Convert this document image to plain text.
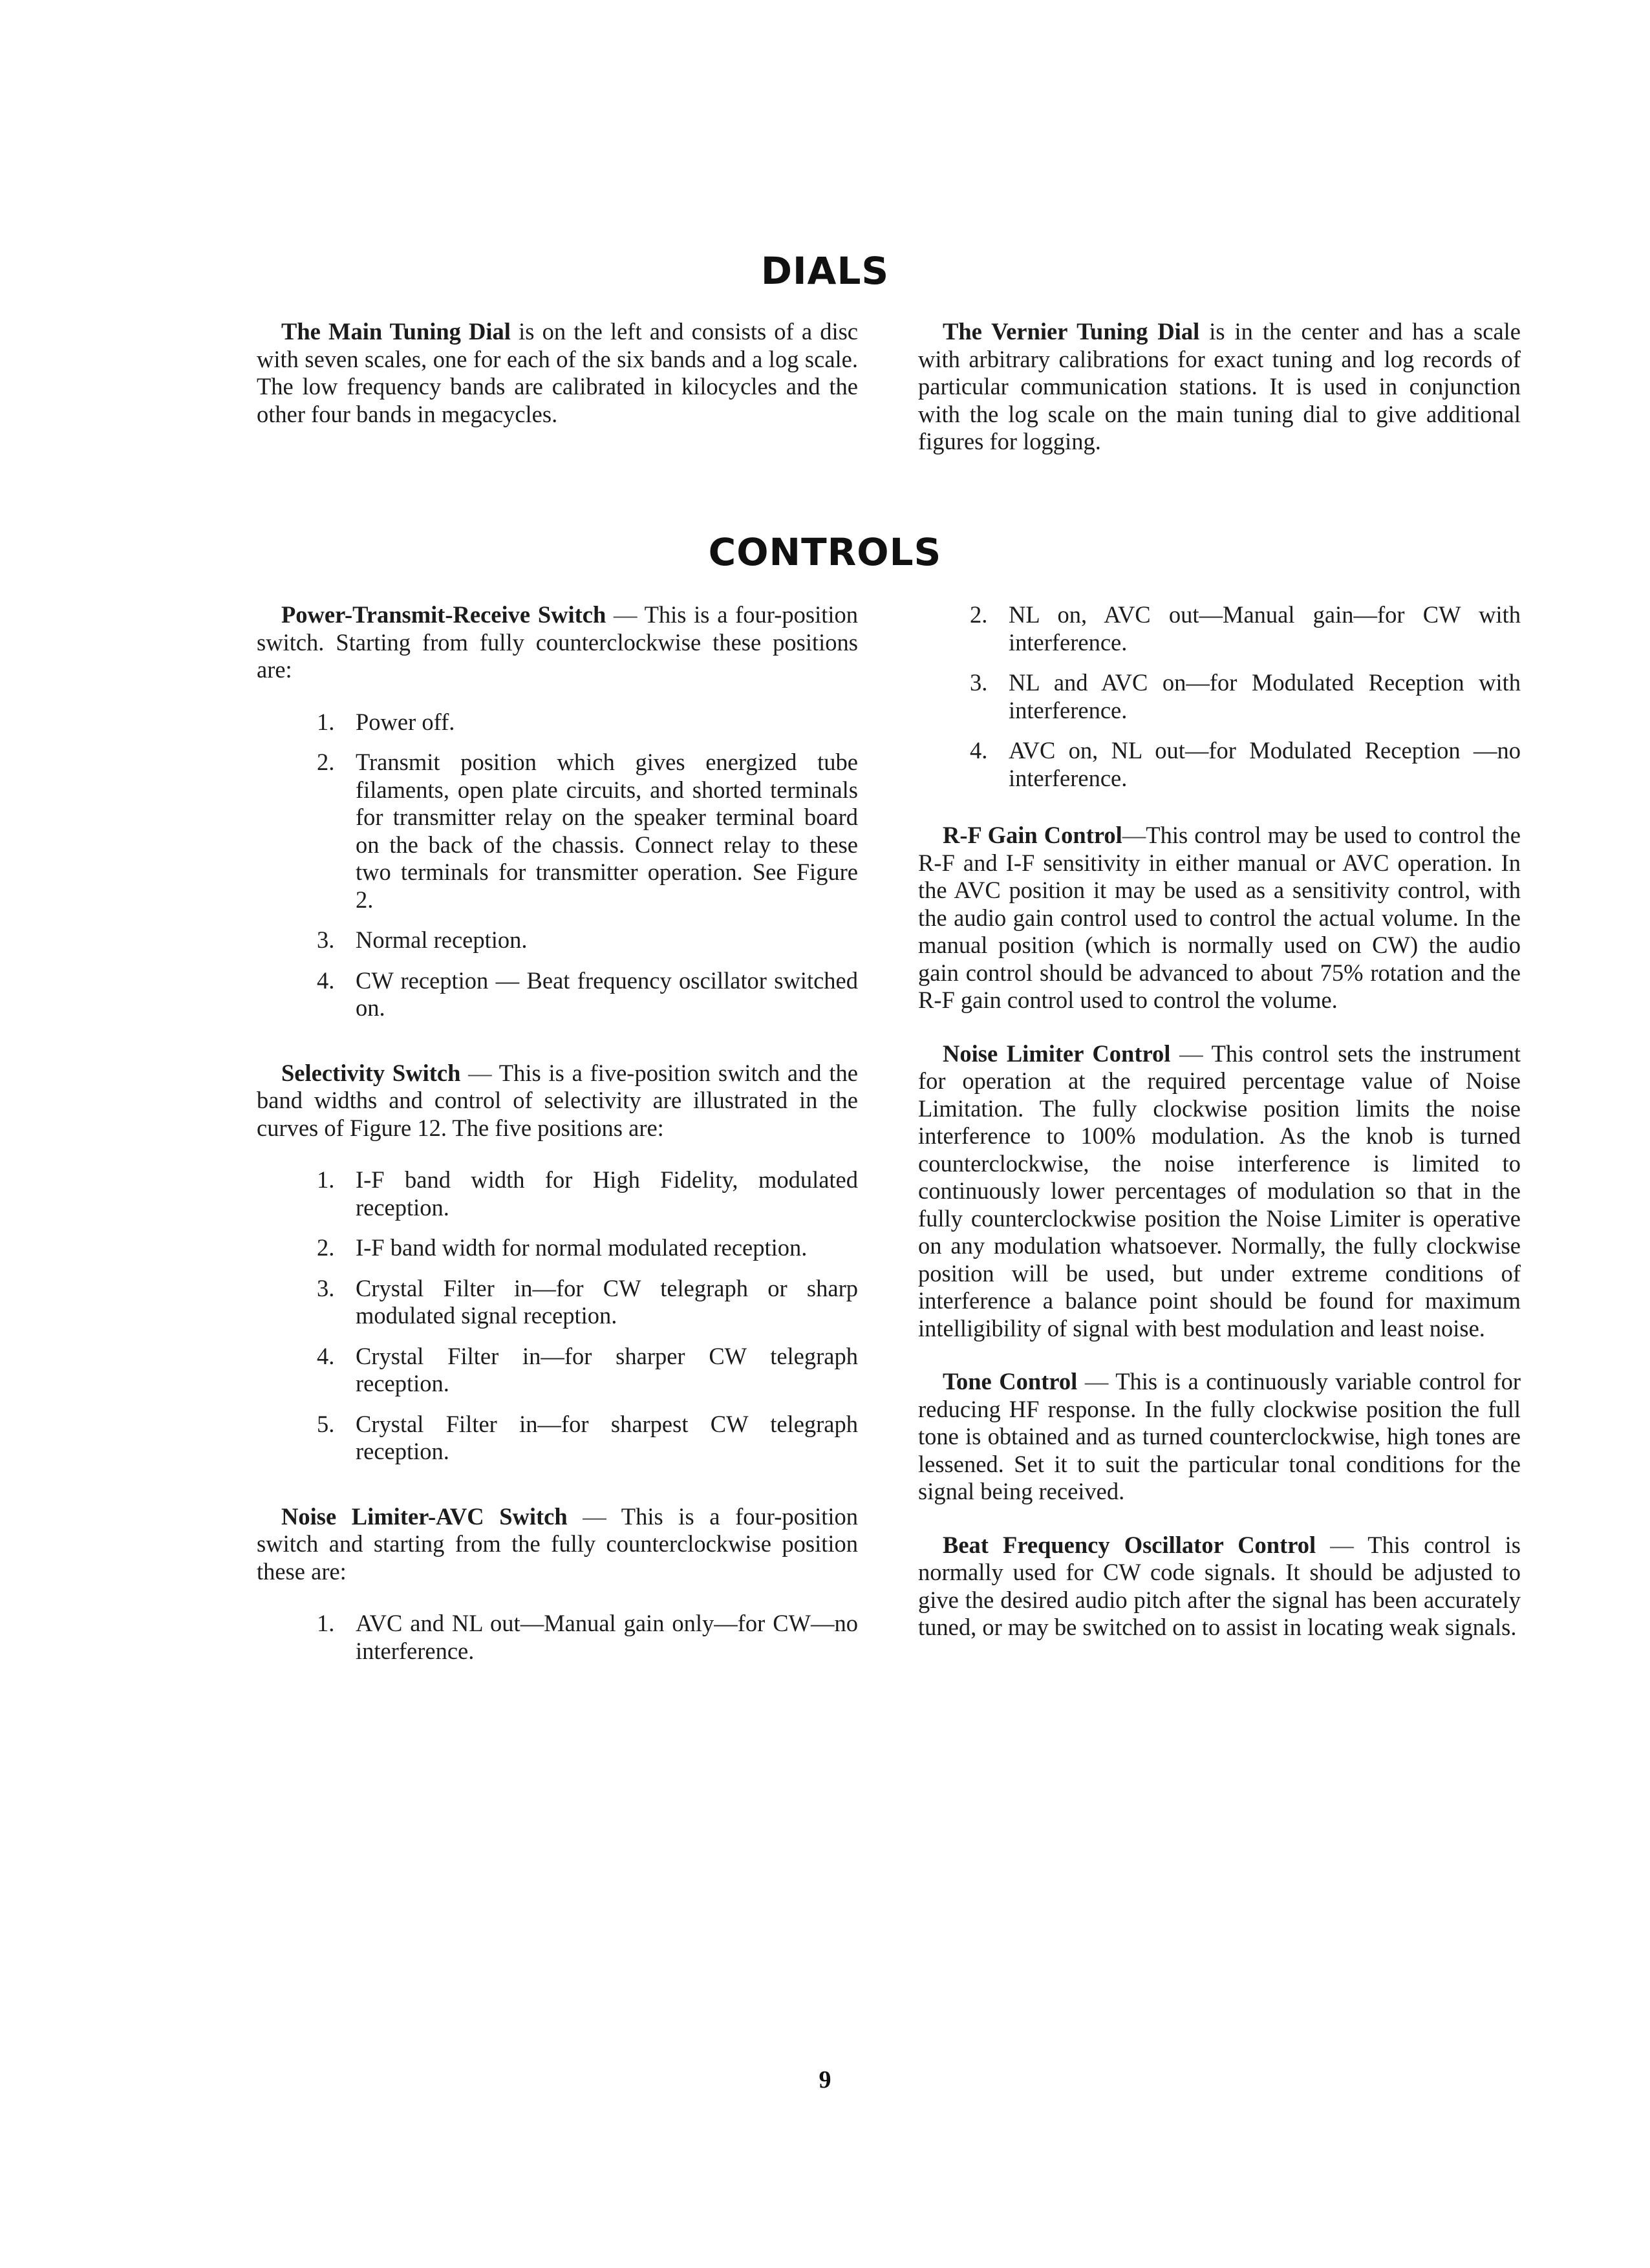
DIALS

The Main Tuning Dial is on the left and consists of a disc with seven scales, one for each of the six bands and a log scale. The low frequency bands are calibrated in kilocycles and the other four bands in megacycles.

The Vernier Tuning Dial is in the center and has a scale with arbitrary calibrations for exact tuning and log records of particular communication stations. It is used in conjunction with the log scale on the main tuning dial to give additional figures for logging.

CONTROLS

Power-Transmit-Receive Switch — This is a four-position switch. Starting from fully counterclockwise these positions are:

1. Power off.
2. Transmit position which gives energized tube filaments, open plate circuits, and shorted terminals for transmitter relay on the speaker terminal board on the back of the chassis. Connect relay to these two terminals for transmitter operation. See Figure 2.
3. Normal reception.
4. CW reception — Beat frequency oscillator switched on.

Selectivity Switch — This is a five-position switch and the band widths and control of selectivity are illustrated in the curves of Figure 12. The five positions are:

1. I-F band width for High Fidelity, modulated reception.
2. I-F band width for normal modulated reception.
3. Crystal Filter in—for CW telegraph or sharp modulated signal reception.
4. Crystal Filter in—for sharper CW telegraph reception.
5. Crystal Filter in—for sharpest CW telegraph reception.

Noise Limiter-AVC Switch — This is a four-position switch and starting from the fully counterclockwise position these are:

1. AVC and NL out—Manual gain only—for CW—no interference.
2. NL on, AVC out—Manual gain—for CW with interference.
3. NL and AVC on—for Modulated Reception with interference.
4. AVC on, NL out—for Modulated Reception —no interference.

R-F Gain Control—This control may be used to control the R-F and I-F sensitivity in either manual or AVC operation. In the AVC position it may be used as a sensitivity control, with the audio gain control used to control the actual volume. In the manual position (which is normally used on CW) the audio gain control should be advanced to about 75% rotation and the R-F gain control used to control the volume.

Noise Limiter Control — This control sets the instrument for operation at the required percentage value of Noise Limitation. The fully clockwise position limits the noise interference to 100% modulation. As the knob is turned counterclockwise, the noise interference is limited to continuously lower percentages of modulation so that in the fully counterclockwise position the Noise Limiter is operative on any modulation whatsoever. Normally, the fully clockwise position will be used, but under extreme conditions of interference a balance point should be found for maximum intelligibility of signal with best modulation and least noise.

Tone Control — This is a continuously variable control for reducing HF response. In the fully clockwise position the full tone is obtained and as turned counterclockwise, high tones are lessened. Set it to suit the particular tonal conditions for the signal being received.

Beat Frequency Oscillator Control — This control is normally used for CW code signals. It should be adjusted to give the desired audio pitch after the signal has been accurately tuned, or may be switched on to assist in locating weak signals.

9
